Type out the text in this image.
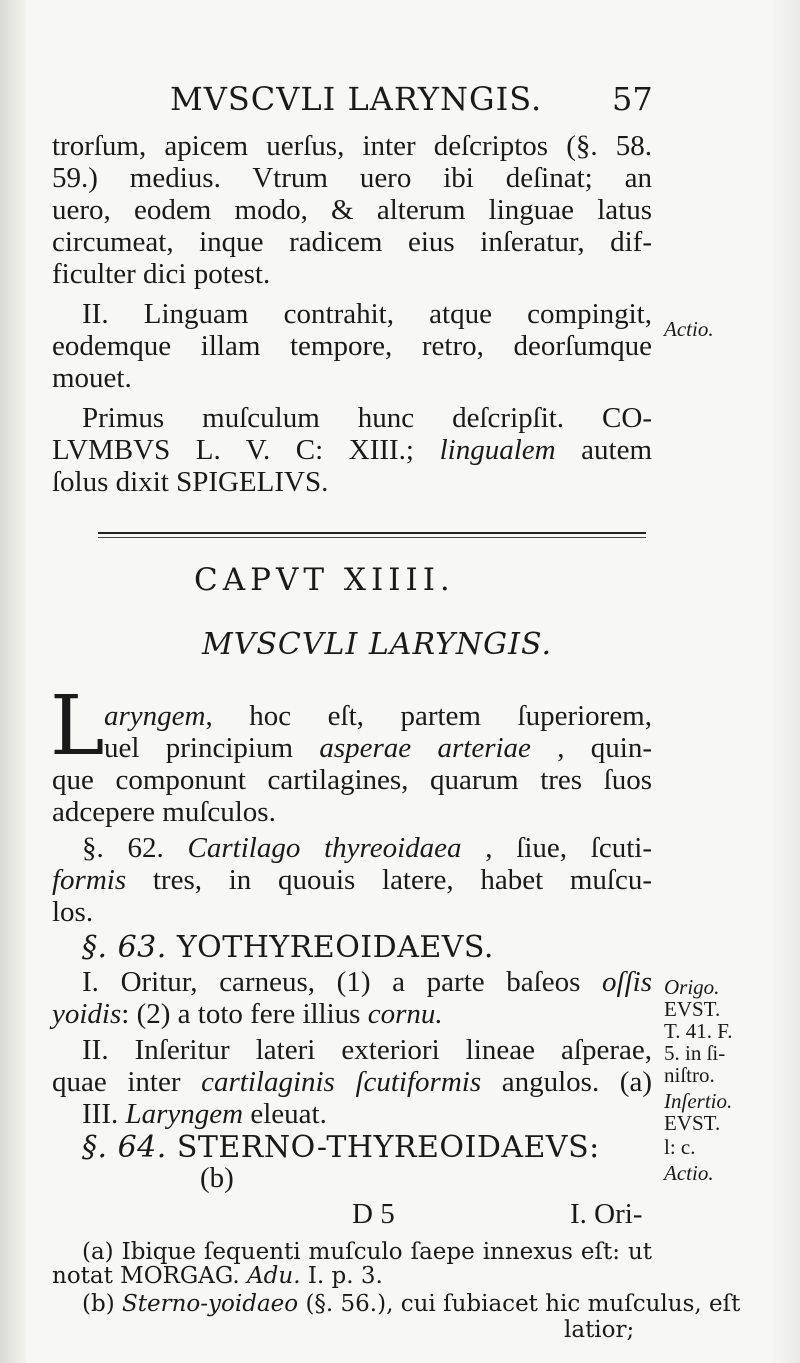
MVSCVLI LARYNGIS. 57
trorſum, apicem uerſus, inter deſcriptos (§. 58.
59.) medius. Vtrum uero ibi deſinat; an
uero, eodem modo, & alterum linguae latus
circumeat, inque radicem eius inſeratur, dif-
ficulter dici potest.
II. Linguam contrahit, atque compingit,
eodemque illam tempore, retro, deorſumque
mouet.
Actio.
Primus muſculum hunc deſcripſit. CO-
LVMBVS L. V. C: XIII.; lingualem autem
ſolus dixit SPIGELIVS.
CAPVT XIIII.
MVSCVLI LARYNGIS.
L aryngem, hoc eſt, partem ſuperiorem,
uel principium asperae arteriae , quin-
que componunt cartilagines, quarum tres ſuos
adcepere muſculos.
§. 62. Cartilago thyreoidaea , ſiue, ſcuti-
formis tres, in quouis latere, habet muſcu-
los.
§. 63. YOTHYREOIDAEVS.
I. Oritur, carneus, (1) a parte baſeos oſſis
yoidis: (2) a toto fere illius cornu.
II. Inſeritur lateri exteriori lineae aſperae,
quae inter cartilaginis ſcutiformis angulos. (a)
III. Laryngem eleuat.
§. 64. STERNO-THYREOIDAEVS:
(b)
D 5	I. Ori-
Origo.
EVST.
T. 41. F.
5. in ſi-
niſtro.
Inſertio.
EVST.
l: c.
Actio.
(a) Ibique ſequenti muſculo ſaepe innexus eſt: ut
notat MORGAG. Adu. I. p. 3.
(b) Sterno-yoidaeo (§. 56.), cui ſubiacet hic muſculus, eſt
latior;
